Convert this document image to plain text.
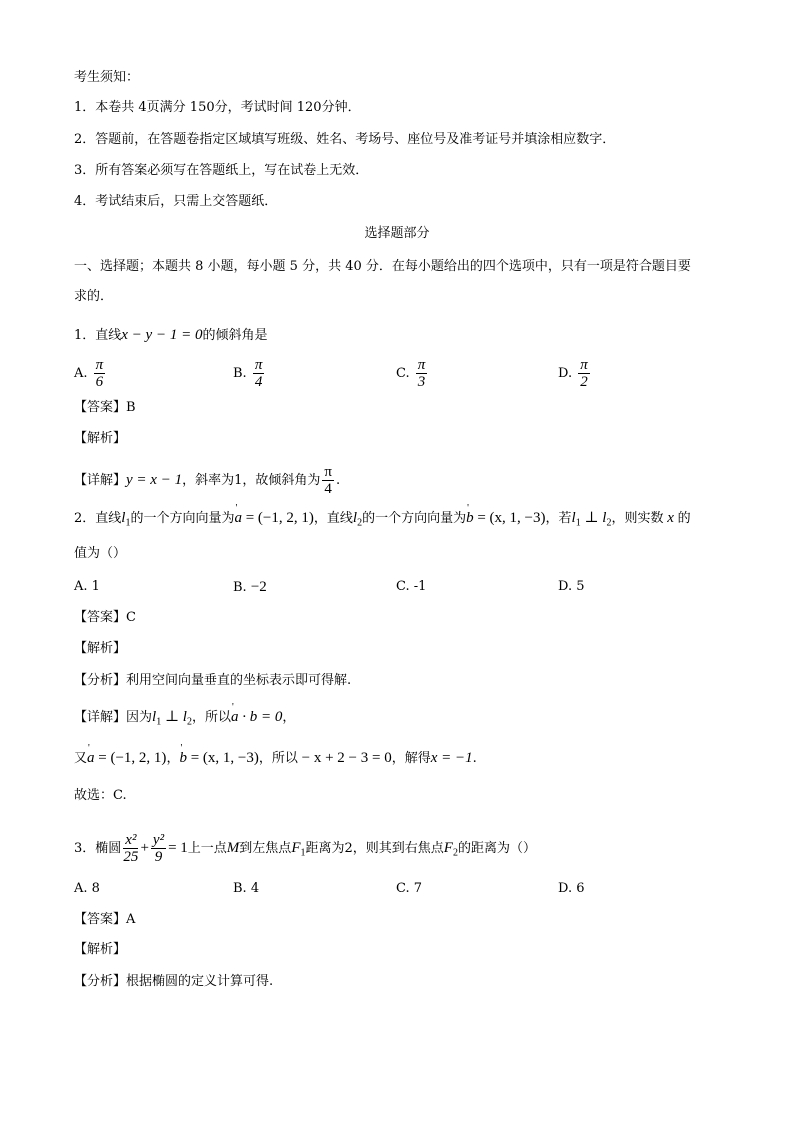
考生须知：
1．本卷共 4页满分 150分，考试时间 120分钟．
2．答题前，在答题卷指定区域填写班级、姓名、考场号、座位号及准考证号并填涂相应数字．
3．所有答案必须写在答题纸上，写在试卷上无效．
4．考试结束后，只需上交答题纸．
选择题部分
一、选择题；本题共 8 小题，每小题 5 分，共 40 分．在每小题给出的四个选项中，只有一项是符合题目要
求的．
1．直线x − y − 1 = 0的倾斜角是
A. $\frac{\pi}{6}$	B. $\frac{\pi}{4}$	C. $\frac{\pi}{3}$	D. $\frac{\pi}{2}$
【答案】B
【解析】
【详解】y = x − 1，斜率为1，故倾斜角为 $\frac{\pi}{4}$ .
2．直线$l_1$的一个方向向量为' a = (−1, 2, 1)，直线$l_2$的一个方向向量为' b = (x, 1, −3)，若$l_1$ ⊥ $l_2$，则实数 x 的
值为（）
A. 1	B. −2	C. -1	D. 5
【答案】C
【解析】
【分析】利用空间向量垂直的坐标表示即可得解.
【详解】因为$l_1$ ⊥ $l_2$，所以' a · b = 0，
又' a = (−1, 2, 1)，' b = (x, 1, −3)，所以 − x + 2 − 3 = 0，解得x = −1.
故选：C.
3．椭圆 $\frac{\text{x²}}{25} + \frac{\text{y²}}{9} = 1$上一点M到左焦点$F_1$距离为2，则其到右焦点$F_2$的距离为（）
A. 8	B. 4	C. 7	D. 6
【答案】A
【解析】
【分析】根据椭圆的定义计算可得.
